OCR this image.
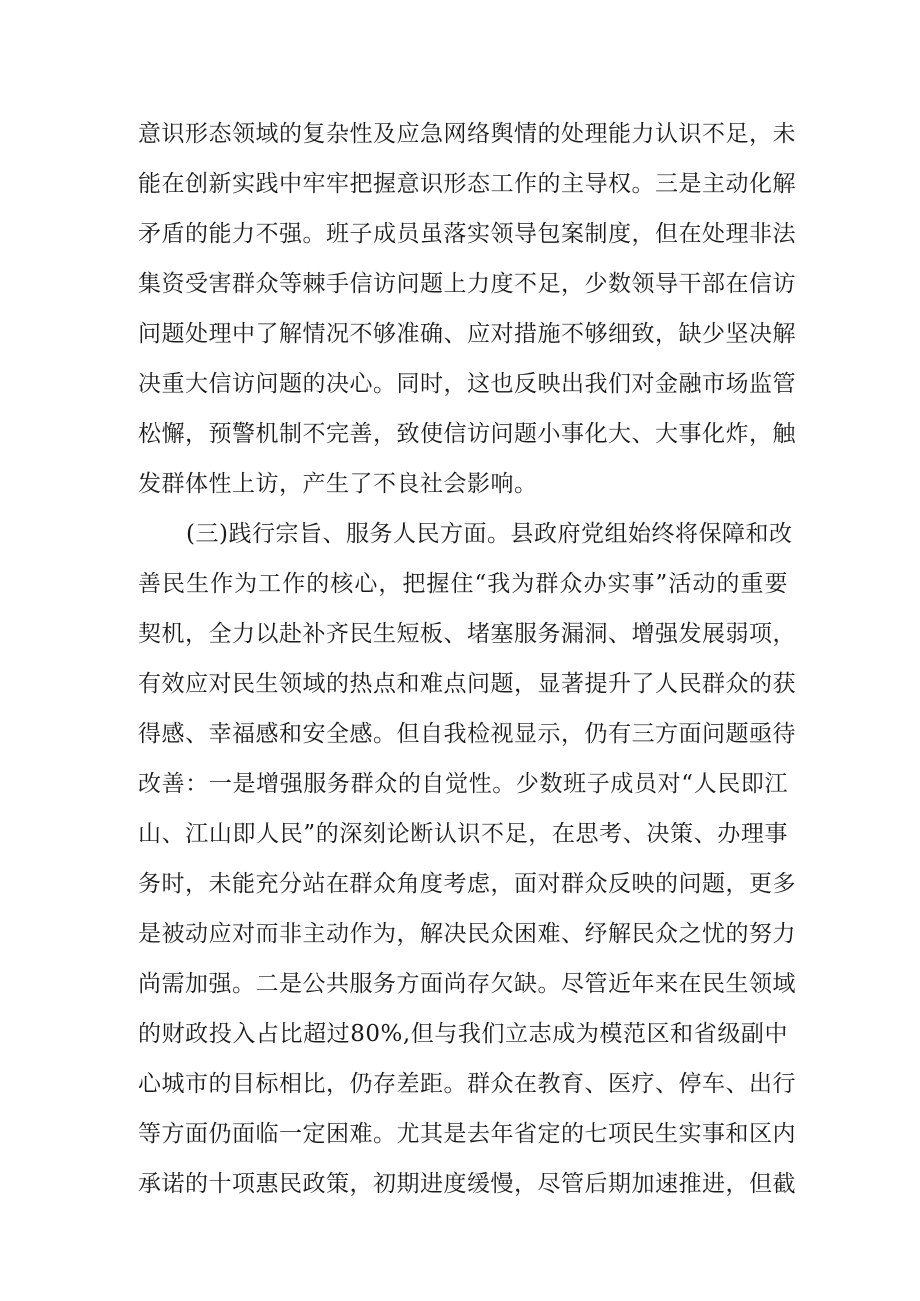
意识形态领域的复杂性及应急网络舆情的处理能力认识不足，未
能在创新实践中牢牢把握意识形态工作的主导权。三是主动化解
矛盾的能力不强。班子成员虽落实领导包案制度，但在处理非法
集资受害群众等棘手信访问题上力度不足，少数领导干部在信访
问题处理中了解情况不够准确、应对措施不够细致，缺少坚决解
决重大信访问题的决心。同时，这也反映出我们对金融市场监管
松懈，预警机制不完善，致使信访问题小事化大、大事化炸，触
发群体性上访，产生了不良社会影响。
(三)践行宗旨、服务人民方面。县政府党组始终将保障和改
善民生作为工作的核心，把握住“我为群众办实事”活动的重要
契机，全力以赴补齐民生短板、堵塞服务漏洞、增强发展弱项，
有效应对民生领域的热点和难点问题，显著提升了人民群众的获
得感、幸福感和安全感。但自我检视显示，仍有三方面问题亟待
改善：一是增强服务群众的自觉性。少数班子成员对“人民即江
山、江山即人民”的深刻论断认识不足，在思考、决策、办理事
务时，未能充分站在群众角度考虑，面对群众反映的问题，更多
是被动应对而非主动作为，解决民众困难、纾解民众之忧的努力
尚需加强。二是公共服务方面尚存欠缺。尽管近年来在民生领域
的财政投入占比超过80%,但与我们立志成为模范区和省级副中
心城市的目标相比，仍存差距。群众在教育、医疗、停车、出行
等方面仍面临一定困难。尤其是去年省定的七项民生实事和区内
承诺的十项惠民政策，初期进度缓慢，尽管后期加速推进，但截
